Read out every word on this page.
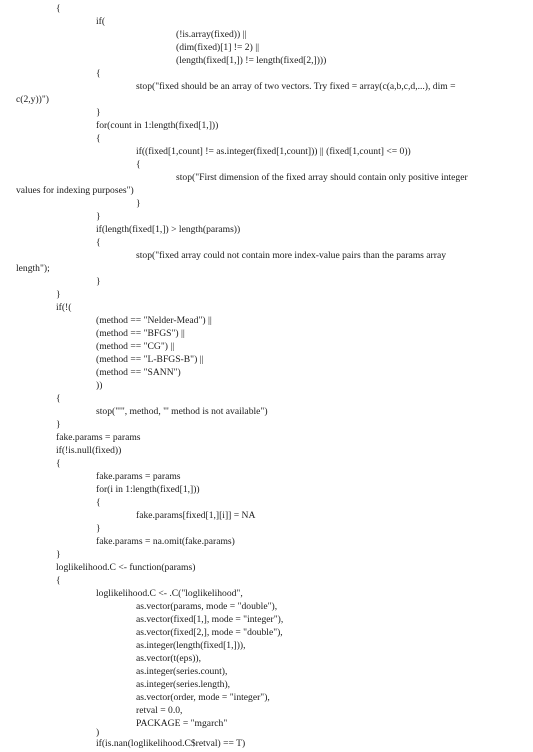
{
if(
(!is.array(fixed)) ||
(dim(fixed)[1] != 2) ||
(length(fixed[1,]) != length(fixed[2,])))
{
stop("fixed should be an array of two vectors. Try fixed = array(c(a,b,c,d,...), dim =
c(2,y))")
}
for(count in 1:length(fixed[1,]))
{
if((fixed[1,count] != as.integer(fixed[1,count])) || (fixed[1,count] <= 0))
{
stop("First dimension of the fixed array should contain only positive integer
values for indexing purposes")
}
}
if(length(fixed[1,]) > length(params))
{
stop("fixed array could not contain more index-value pairs than the params array
length");
}
}
if(!(
(method == "Nelder-Mead") ||
(method == "BFGS") ||
(method == "CG") ||
(method == "L-BFGS-B") ||
(method == "SANN")
))
{
stop("'", method, "' method is not available")
}
fake.params = params
if(!is.null(fixed))
{
fake.params = params
for(i in 1:length(fixed[1,]))
{
fake.params[fixed[1,][i]] = NA
}
fake.params = na.omit(fake.params)
}
loglikelihood.C <- function(params)
{
loglikelihood.C <- .C("loglikelihood",
as.vector(params, mode = "double"),
as.vector(fixed[1,], mode = "integer"),
as.vector(fixed[2,], mode = "double"),
as.integer(length(fixed[1,])),
as.vector(t(eps)),
as.integer(series.count),
as.integer(series.length),
as.vector(order, mode = "integer"),
retval = 0.0,
PACKAGE = "mgarch"
)
if(is.nan(loglikelihood.C$retval) == T)
